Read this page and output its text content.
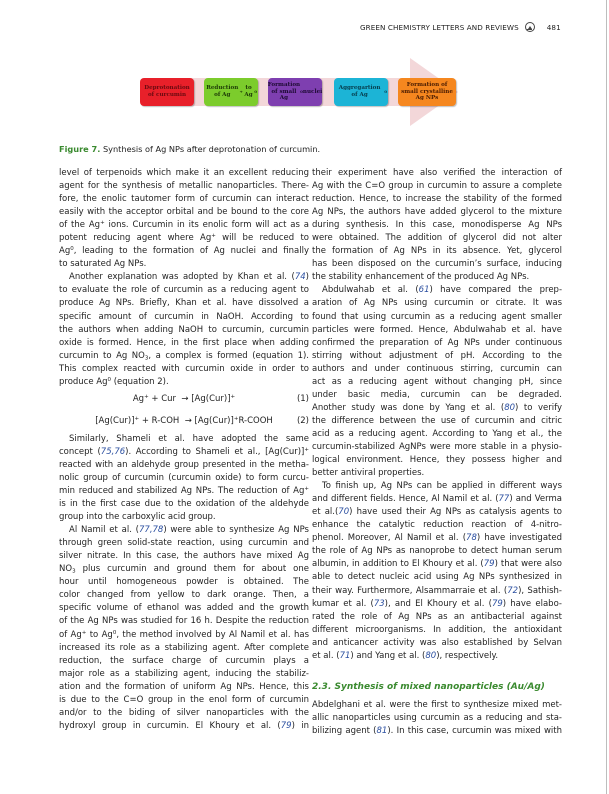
GREEN CHEMISTRY LETTERS AND REVIEWS	481
Deprotonation of curcumin
Reduction of Ag
+
to Ag
0
Formation of small Ag
0 nuclei
Aggregartion of Ag
0
Formation of small crystalline Ag NPs
Figure 7. Synthesis of Ag NPs after deprotonation of curcumin.
level of terpenoids which make it an excellent reducing
agent for the synthesis of metallic nanoparticles. There-
fore, the enolic tautomer form of curcumin can interact
easily with the acceptor orbital and be bound to the core
of the Ag+ ions. Curcumin in its enolic form will act as a
potent reducing agent where Ag+ will be reduced to
Ag$^0$, leading to the formation of Ag nuclei and finally
to saturated Ag NPs.
Another explanation was adopted by Khan et al. (74)
to evaluate the role of curcumin as a reducing agent to
produce Ag NPs. Briefly, Khan et al. have dissolved a
specific amount of curcumin in NaOH. According to
the authors when adding NaOH to curcumin, curcumin
oxide is formed. Hence, in the first place when adding
curcumin to Ag $NO_3$, a complex is formed (equation 1).
This complex reacted with curcumin oxide in order to
produce Ag$^0$ (equation 2).
Ag+ + Cur  → [Ag(Cur)]+	(1)
[Ag(Cur)]+ + R-COH  → [Ag(Cur)]+R-COOH	(2)
Similarly, Shameli et al. have adopted the same
concept (75,76). According to Shameli et al., [Ag(Cur)]+
reacted with an aldehyde group presented in the metha-
nolic group of curcumin (curcumin oxide) to form curcu-
min reduced and stabilized Ag NPs. The reduction of Ag+
is in the first case due to the oxidation of the aldehyde
group into the carboxylic acid group.
Al Namil et al. (77,78) were able to synthesize Ag NPs
through green solid-state reaction, using curcumin and
silver nitrate. In this case, the authors have mixed Ag
$NO_3$ plus curcumin and ground them for about one
hour until homogeneous powder is obtained. The
color changed from yellow to dark orange. Then, a
specific volume of ethanol was added and the growth
of the Ag NPs was studied for 16 h. Despite the reduction
of Ag+ to Ag$^0$, the method involved by Al Namil et al. has
increased its role as a stabilizing agent. After complete
reduction, the surface charge of curcumin plays a
major role as a stabilizing agent, inducing the stabiliz-
ation and the formation of uniform Ag NPs. Hence, this
is due to the C=O group in the enol form of curcumin
and/or to the biding of silver nanoparticles with the
hydroxyl group in curcumin. El Khoury et al. (79) in
their experiment have also verified the interaction of
Ag with the C=O group in curcumin to assure a complete
reduction. Hence, to increase the stability of the formed
Ag NPs, the authors have added glycerol to the mixture
during synthesis. In this case, monodisperse Ag NPs
were obtained. The addition of glycerol did not alter
the formation of Ag NPs in its absence. Yet, glycerol
has been disposed on the curcumin’s surface, inducing
the stability enhancement of the produced Ag NPs.
Abdulwahab et al. (61) have compared the prep-
aration of Ag NPs using curcumin or citrate. It was
found that using curcumin as a reducing agent smaller
particles were formed. Hence, Abdulwahab et al. have
confirmed the preparation of Ag NPs under continuous
stirring without adjustment of pH. According to the
authors and under continuous stirring, curcumin can
act as a reducing agent without changing pH, since
under basic media, curcumin can be degraded.
Another study was done by Yang et al. (80) to verify
the difference between the use of curcumin and citric
acid as a reducing agent. According to Yang et al., the
curcumin-stabilized AgNPs were more stable in a physio-
logical environment. Hence, they possess higher and
better antiviral properties.
To finish up, Ag NPs can be applied in different ways
and different fields. Hence, Al Namil et al. (77) and Verma
et al.(70) have used their Ag NPs as catalysis agents to
enhance the catalytic reduction reaction of 4-nitro-
phenol. Moreover, Al Namil et al. (78) have investigated
the role of Ag NPs as nanoprobe to detect human serum
albumin, in addition to El Khoury et al. (79) that were also
able to detect nucleic acid using Ag NPs synthesized in
their way. Furthermore, Alsammarraie et al. (72), Sathish-
kumar et al. (73), and El Khoury et al. (79) have elabo-
rated the role of Ag NPs as an antibacterial against
different microorganisms. In addition, the antioxidant
and anticancer activity was also established by Selvan
et al. (71) and Yang et al. (80), respectively.
2.3. Synthesis of mixed nanoparticles (Au/Ag)
Abdelghani et al. were the first to synthesize mixed met-
allic nanoparticles using curcumin as a reducing and sta-
bilizing agent (81). In this case, curcumin was mixed with
